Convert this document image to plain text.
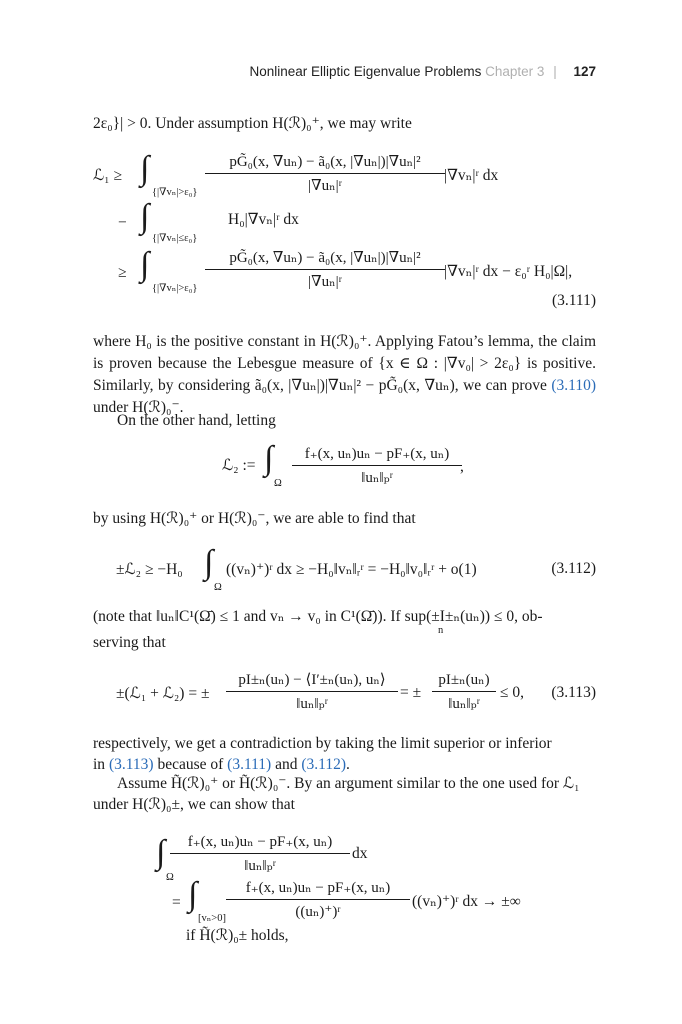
Nonlinear Elliptic Eigenvalue Problems Chapter 3 | 127
2ε₀}| > 0. Under assumption H(ℛ)₀⁺, we may write
ℒ₁ ≥ ∫
{|∇vₙ|>ε₀}
pG̃₀(x, ∇uₙ) − ã₀(x, |∇uₙ|)|∇uₙ|²
|∇uₙ|ʳ
|∇vₙ|ʳ dx
− ∫
{|∇vₙ|≤ε₀}
H₀|∇vₙ|ʳ dx
≥ ∫
{|∇vₙ|>ε₀}
pG̃₀(x, ∇uₙ) − ã₀(x, |∇uₙ|)|∇uₙ|²
|∇uₙ|ʳ
|∇vₙ|ʳ dx − ε₀ʳ H₀|Ω|,
(3.111)

where H₀ is the positive constant in H(ℛ)₀⁺. Applying Fatou’s lemma, the claim is proven because the Lebesgue measure of {x ∈ Ω : |∇v₀| > 2ε₀} is positive. Similarly, by considering ã₀(x, |∇uₙ|)|∇uₙ|² − pG̃₀(x, ∇uₙ), we can prove (3.110) under H(ℛ)₀⁻.

On the other hand, letting
ℒ₂ := ∫
Ω
f₊(x, uₙ)uₙ − pF₊(x, uₙ)
‖uₙ‖ₚʳ
,
by using H(ℛ)₀⁺ or H(ℛ)₀⁻, we are able to find that
±ℒ₂ ≥ −H₀ ∫
Ω
((vₙ)⁺)ʳ dx ≥ −H₀‖vₙ‖ᵣʳ = −H₀‖v₀‖ᵣʳ + o(1)	(3.112)
(note that ‖uₙ‖C¹(Ω̄) ≤ 1 and vₙ → v₀ in C¹(Ω̄)). If sup(±I±ₙ(uₙ)) ≤ 0, ob-
n
serving that
±(ℒ₁ + ℒ₂) = ±
pI±ₙ(uₙ) − ⟨I′±ₙ(uₙ), uₙ⟩
‖uₙ‖ₚʳ
= ±
pI±ₙ(uₙ)
‖uₙ‖ₚʳ
≤ 0, (3.113)
respectively, we get a contradiction by taking the limit superior or inferior
in (3.113) because of (3.111) and (3.112).
Assume H̃(ℛ)₀⁺ or H̃(ℛ)₀⁻. By an argument similar to the one used for ℒ₁
under H(ℛ)₀±, we can show that
∫
Ω
f₊(x, uₙ)uₙ − pF₊(x, uₙ)
‖uₙ‖ₚʳ
dx
= ∫
[vₙ>0]
f₊(x, uₙ)uₙ − pF₊(x, uₙ)
((uₙ)⁺)ʳ
((vₙ)⁺)ʳ dx → ±∞
if H̃(ℛ)₀± holds,
